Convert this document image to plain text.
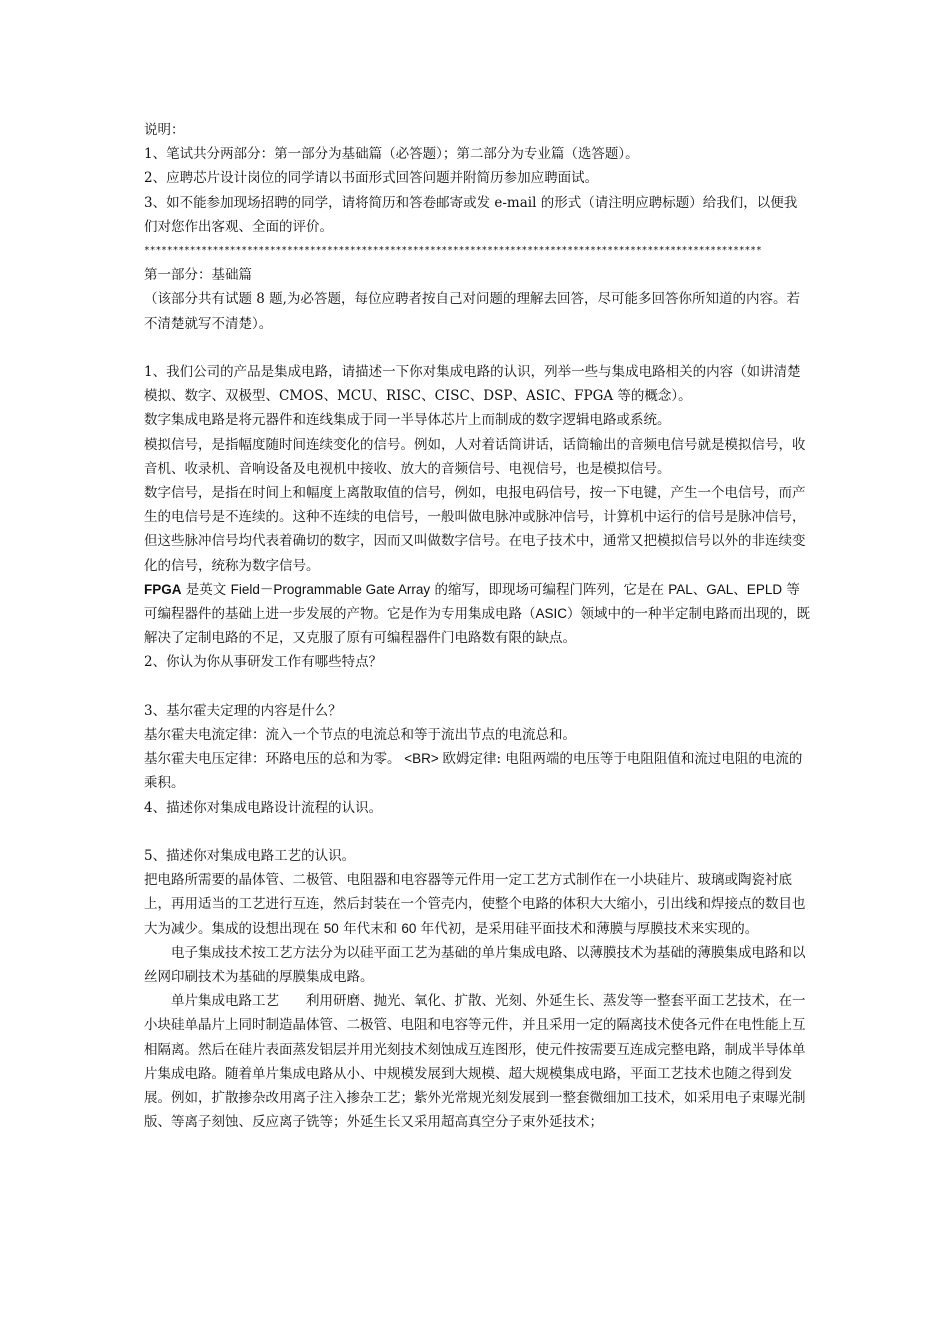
说明：

1、笔试共分两部分：第一部分为基础篇（必答题）；第二部分为专业篇（选答题）。

2、应聘芯片设计岗位的同学请以书面形式回答问题并附简历参加应聘面试。

3、如不能参加现场招聘的同学，请将简历和答卷邮寄或发 e-mail 的形式（请注明应聘标题）给我们，以便我们对您作出客观、全面的评价。

************************************************************************************************************

第一部分：基础篇

（该部分共有试题 8 题,为必答题，每位应聘者按自己对问题的理解去回答，尽可能多回答你所知道的内容。若不清楚就写不清楚）。

1、我们公司的产品是集成电路，请描述一下你对集成电路的认识，列举一些与集成电路相关的内容（如讲清楚模拟、数字、双极型、CMOS、MCU、RISC、CISC、DSP、ASIC、FPGA 等的概念）。

数字集成电路是将元器件和连线集成于同一半导体芯片上而制成的数字逻辑电路或系统。

模拟信号，是指幅度随时间连续变化的信号。例如，人对着话筒讲话，话筒输出的音频电信号就是模拟信号，收音机、收录机、音响设备及电视机中接收、放大的音频信号、电视信号，也是模拟信号。

数字信号，是指在时间上和幅度上离散取值的信号，例如，电报电码信号，按一下电键，产生一个电信号，而产生的电信号是不连续的。这种不连续的电信号，一般叫做电脉冲或脉冲信号，计算机中运行的信号是脉冲信号，但这些脉冲信号均代表着确切的数字，因而又叫做数字信号。在电子技术中，通常又把模拟信号以外的非连续变化的信号，统称为数字信号。

FPGA 是英文 Field－Programmable Gate Array 的缩写，即现场可编程门阵列，它是在 PAL、GAL、EPLD 等可编程器件的基础上进一步发展的产物。它是作为专用集成电路（ASIC）领域中的一种半定制电路而出现的，既解决了定制电路的不足，又克服了原有可编程器件门电路数有限的缺点。

2、你认为你从事研发工作有哪些特点？

3、基尔霍夫定理的内容是什么？

基尔霍夫电流定律：流入一个节点的电流总和等于流出节点的电流总和。

基尔霍夫电压定律：环路电压的总和为零。 <BR> 欧姆定律: 电阻两端的电压等于电阻阻值和流过电阻的电流的乘积。

4、描述你对集成电路设计流程的认识。

5、描述你对集成电路工艺的认识。

把电路所需要的晶体管、二极管、电阻器和电容器等元件用一定工艺方式制作在一小块硅片、玻璃或陶瓷衬底上，再用适当的工艺进行互连，然后封装在一个管壳内，使整个电路的体积大大缩小，引出线和焊接点的数目也大为减少。集成的设想出现在 50 年代末和 60 年代初，是采用硅平面技术和薄膜与厚膜技术来实现的。

电子集成技术按工艺方法分为以硅平面工艺为基础的单片集成电路、以薄膜技术为基础的薄膜集成电路和以丝网印刷技术为基础的厚膜集成电路。

单片集成电路工艺　　利用研磨、抛光、氧化、扩散、光刻、外延生长、蒸发等一整套平面工艺技术，在一小块硅单晶片上同时制造晶体管、二极管、电阻和电容等元件，并且采用一定的隔离技术使各元件在电性能上互相隔离。然后在硅片表面蒸发铝层并用光刻技术刻蚀成互连图形，使元件按需要互连成完整电路，制成半导体单片集成电路。随着单片集成电路从小、中规模发展到大规模、超大规模集成电路，平面工艺技术也随之得到发展。例如，扩散掺杂改用离子注入掺杂工艺；紫外光常规光刻发展到一整套微细加工技术，如采用电子束曝光制版、等离子刻蚀、反应离子铣等；外延生长又采用超高真空分子束外延技术；
